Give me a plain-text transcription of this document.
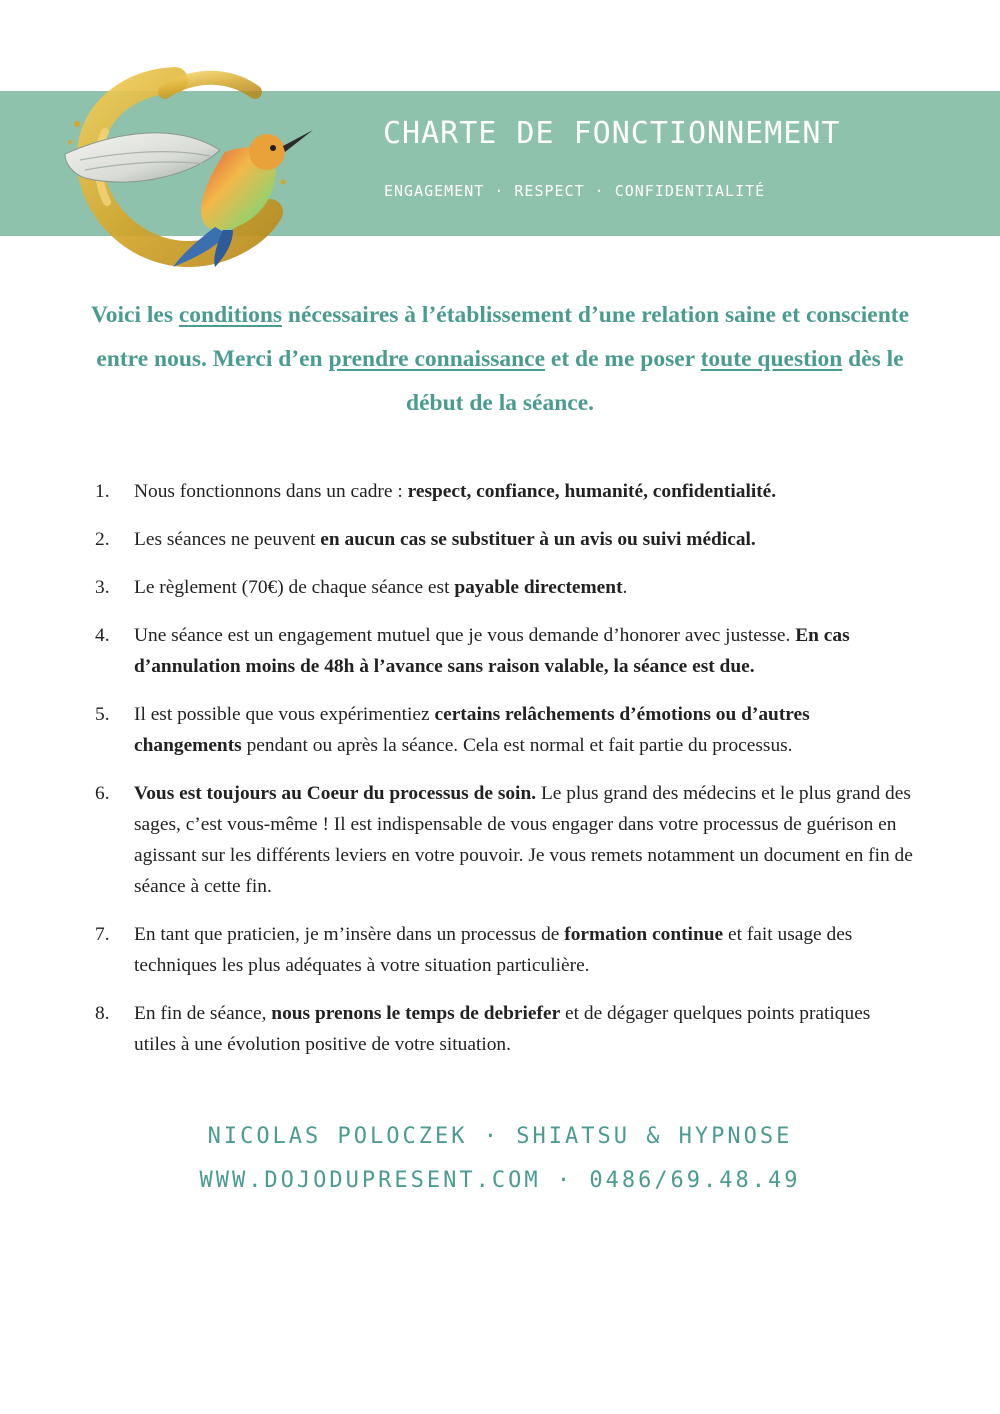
CHARTE DE FONCTIONNEMENT
ENGAGEMENT · RESPECT · CONFIDENTIALITÉ

Voici les conditions nécessaires à l’établissement d’une relation saine et consciente entre nous. Merci d’en prendre connaissance et de me poser toute question dès le début de la séance.

1.	Nous fonctionnons dans un cadre : respect, confiance, humanité, confidentialité.
2.	Les séances ne peuvent en aucun cas se substituer à un avis ou suivi médical.
3.	Le règlement (70€) de chaque séance est payable directement.
4.	Une séance est un engagement mutuel que je vous demande d’honorer avec justesse. En cas d’annulation moins de 48h à l’avance sans raison valable, la séance est due.
5.	Il est possible que vous expérimentiez certains relâchements d’émotions ou d’autres changements pendant ou après la séance. Cela est normal et fait partie du processus.
6.	Vous est toujours au Coeur du processus de soin. Le plus grand des médecins et le plus grand des sages, c’est vous-même ! Il est indispensable de vous engager dans votre processus de guérison en agissant sur les différents leviers en votre pouvoir. Je vous remets notamment un document en fin de séance à cette fin.
7.	En tant que praticien, je m’insère dans un processus de formation continue et fait usage des techniques les plus adéquates à votre situation particulière.
8.	En fin de séance, nous prenons le temps de debriefer et de dégager quelques points pratiques utiles à une évolution positive de votre situation.
NICOLAS POLOCZEK · SHIATSU & HYPNOSE
WWW.DOJODUPRESENT.COM · 0486/69.48.49
